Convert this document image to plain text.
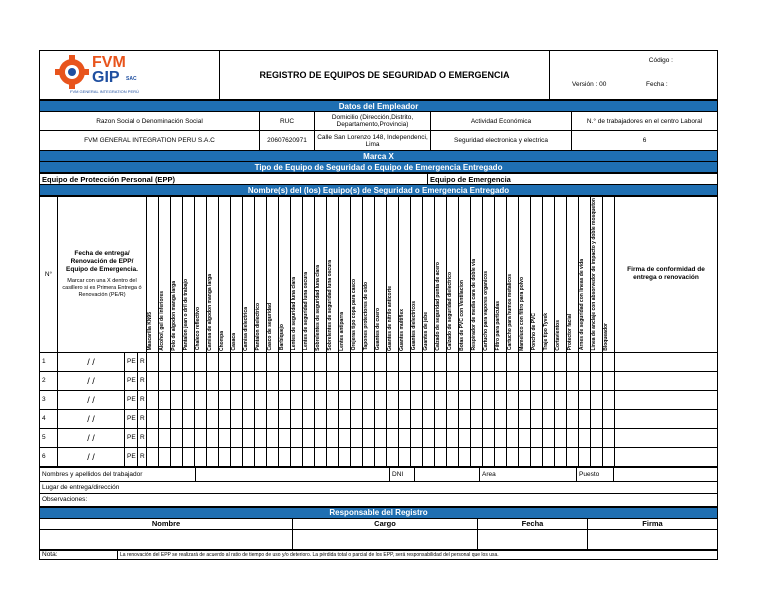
FVM
GIP SAC
FVM GENERAL INTEGRATION PERÚ
	REGISTRO DE EQUIPOS DE SEGURIDAD O EMERGENCIA	
Código :
Versión : 00	Fecha :
Datos del Empleador				
Razon Social o Denominación Social	RUC	Domicilio (Dirección,Distrito, Departamento,Provincia)	Actividad Económica	N.° de trabajadores en el centro Laboral
FVM GENERAL INTEGRATION PERU S.A.C	20607620971	Calle San Lorenzo 148, Independenci, Lima	Seguridad electronica y electrica	6
Marca X				
Tipo de Equipo de Seguridad o Equipo de Emergencia Entregado				
Equipo de Protección Personal (EPP)	Equipo de Emergencia
Nombre(s) del (los) Equipo(s) de Seguridad o Emergencia Entregado
N°	Fecha de entrega/ Renovación de EPP/ Equipo de Emergencia.
Marcar con una X dentro del casillero si es Primera Entrega ó Renovación (PE/R)			Mascarilla KN95	Alcohol, gel de inferiores	Polo de algodon manga larga	Pantalon jean o dril de trabajo	Chaleco reflectivo	Camisa de algodon manga larga	Chompa	Casaca	Camisa dielectrica	Pantalon dielectrico	Casco de seguridad	Barbiquejo	Lentes de seguridad luna clara	Lentes de seguridad luna oscura	Sobrelentes de seguridad luna clara	Sobrelentes de seguridad luna oscura	Lentes antiparra	Orejeras tipo copa para casco	Tapones protectores de oido	Guantes de cuero	Guantes de nitrilo anticorte	Guantes multiflex	Guantes dielectricos	Guantes de jebe	Calzado de seguridad punta de acero	Calzado de seguridad dielectrico	Botas de PVC con Ventilacion	Respirador de media cara de doble via	Cartucho para vapores organicos	Filtro para particulas	Cartucho para humos metalicos	Mameluco con filtro para polvo	Poncho de PVC	Traje tipo Tyvek	Cortavientos	Protector facial	Arnes de seguridad con lineas de vida	Linea de anclaje con absorvedor de impacto y doble mosqueton	Bloqueador	Firma de conformidad de entrega o renovación
1	/ /	PE	R																																								
2	/ /	PE	R																																								
3	/ /	PE	R																																								
4	/ /	PE	R																																								
5	/ /	PE	R																																								
6	/ /	PE	R																																								
Nombres y apellidos del trabajador		DNI		Area	Puesto	
Lugar de entrega/dirección
Observaciones:
Responsable del Registro			
Nombre	Cargo	Fecha	Firma

Nota:	La renovación del EPP se realizará de acuerdo al ratio de tiempo de uso y/o deterioro. La pérdida total o parcial de los EPP, será responsabilidad del personal que los usa.
